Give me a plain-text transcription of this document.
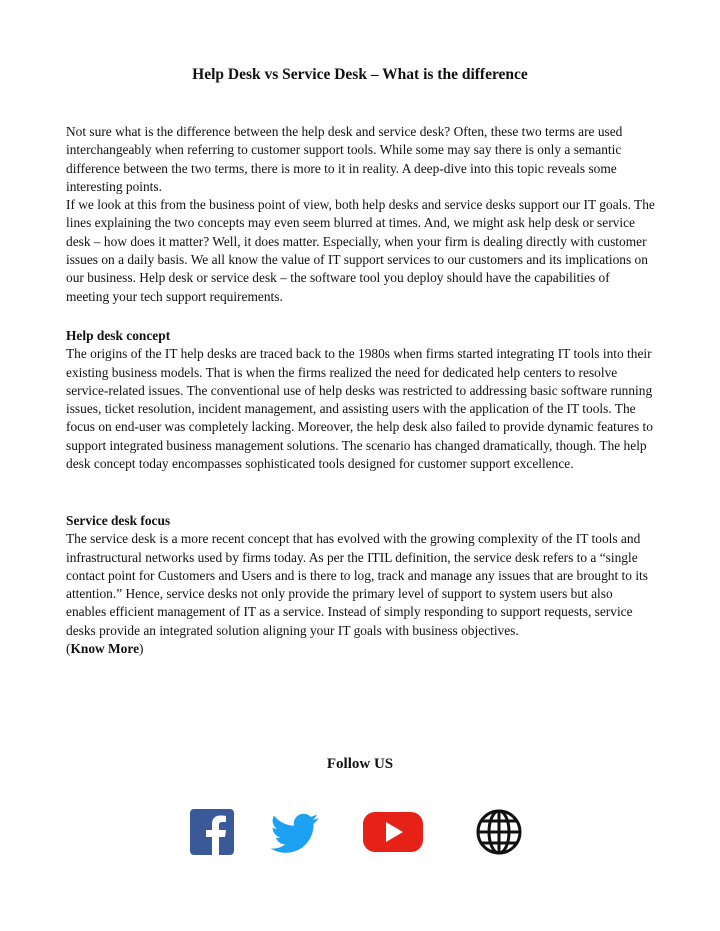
Help Desk vs Service Desk – What is the difference

Not sure what is the difference between the help desk and service desk? Often, these two terms are used interchangeably when referring to customer support tools. While some may say there is only a semantic difference between the two terms, there is more to it in reality. A deep-dive into this topic reveals some interesting points.

If we look at this from the business point of view, both help desks and service desks support our IT goals. The lines explaining the two concepts may even seem blurred at times. And, we might ask help desk or service desk – how does it matter? Well, it does matter. Especially, when your firm is dealing directly with customer issues on a daily basis. We all know the value of IT support services to our customers and its implications on our business. Help desk or service desk – the software tool you deploy should have the capabilities of meeting your tech support requirements.

Help desk concept

The origins of the IT help desks are traced back to the 1980s when firms started integrating IT tools into their existing business models. That is when the firms realized the need for dedicated help centers to resolve service-related issues. The conventional use of help desks was restricted to addressing basic software running issues, ticket resolution, incident management, and assisting users with the application of the IT tools. The focus on end-user was completely lacking. Moreover, the help desk also failed to provide dynamic features to support integrated business management solutions. The scenario has changed dramatically, though. The help desk concept today encompasses sophisticated tools designed for customer support excellence.

Service desk focus

The service desk is a more recent concept that has evolved with the growing complexity of the IT tools and infrastructural networks used by firms today. As per the ITIL definition, the service desk refers to a “single contact point for Customers and Users and is there to log, track and manage any issues that are brought to its attention.” Hence, service desks not only provide the primary level of support to system users but also enables efficient management of IT as a service. Instead of simply responding to support requests, service desks provide an integrated solution aligning your IT goals with business objectives.

(Know More)

Follow US
